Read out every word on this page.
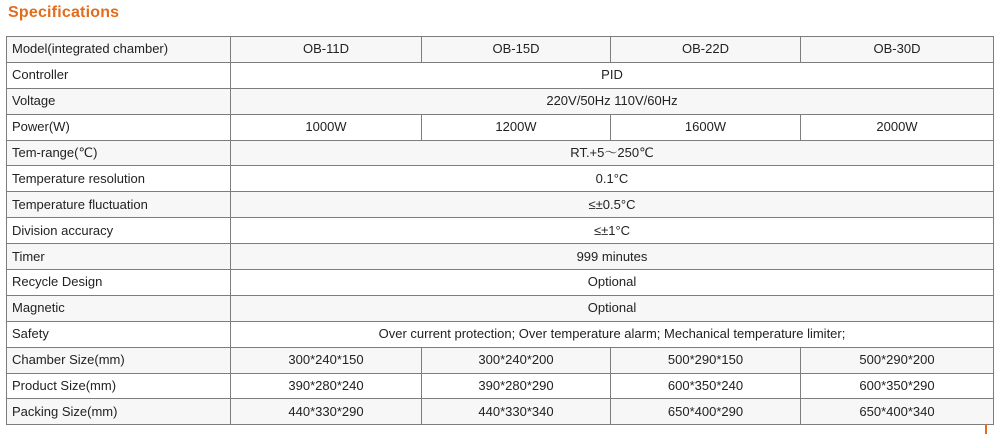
Specifications
Model(integrated chamber)	OB-11D	OB-15D	OB-22D	OB-30D
Controller	PID			
Voltage	220V/50Hz 110V/60Hz			
Power(W)	1000W	1200W	1600W	2000W
Tem-range(℃)	RT.+5～250℃			
Temperature resolution	0.1°C			
Temperature fluctuation	≤±0.5°C			
Division accuracy	≤±1°C			
Timer	999 minutes			
Recycle Design	Optional			
Magnetic	Optional			
Safety	Over current protection; Over temperature alarm; Mechanical temperature limiter;			
Chamber Size(mm)	300*240*150	300*240*200	500*290*150	500*290*200
Product Size(mm)	390*280*240	390*280*290	600*350*240	600*350*290
Packing Size(mm)	440*330*290	440*330*340	650*400*290	650*400*340
